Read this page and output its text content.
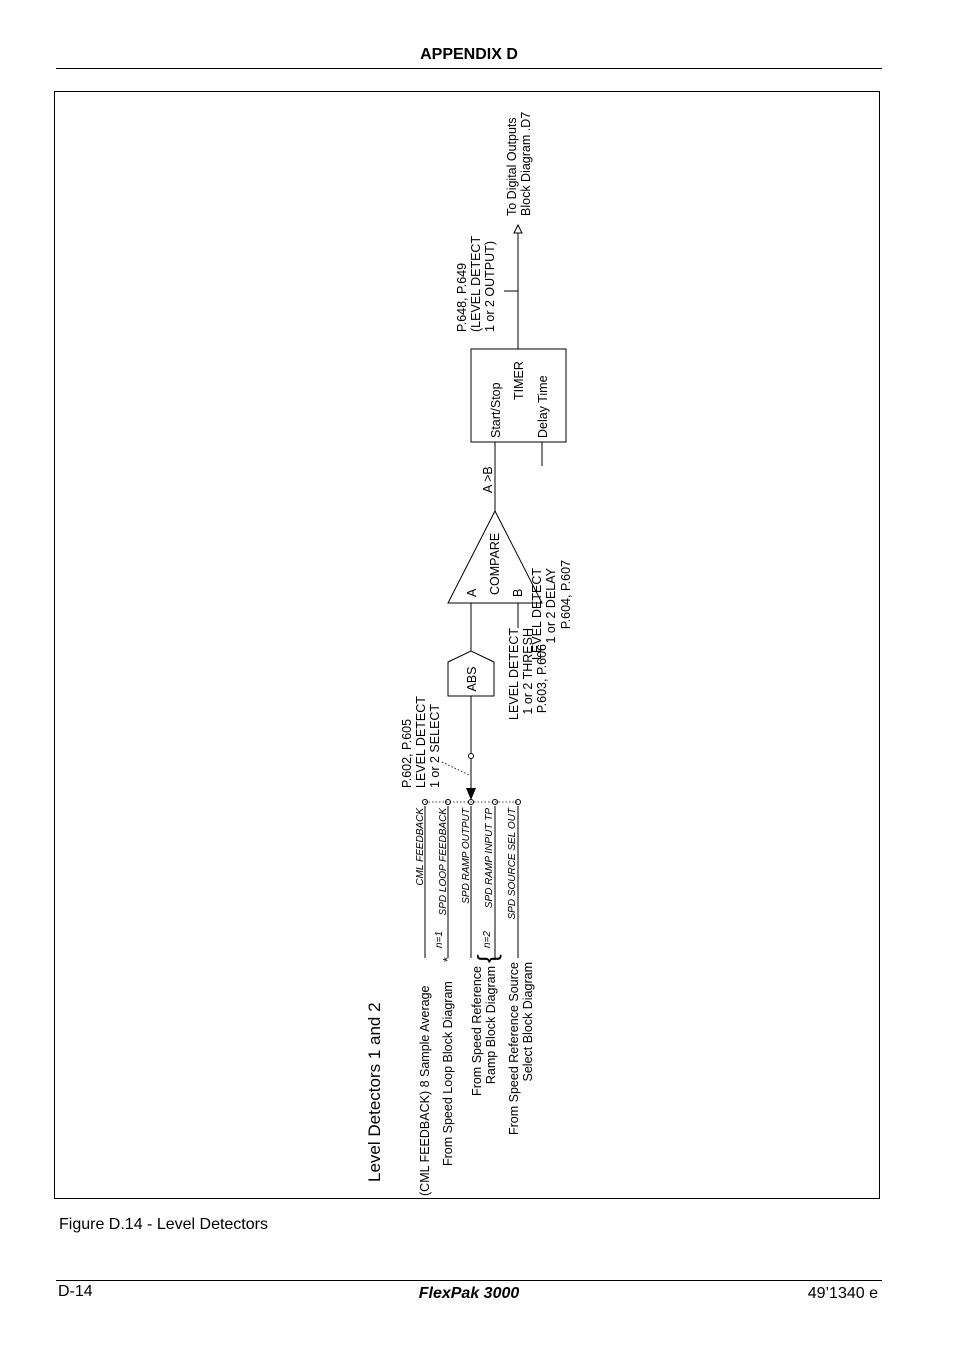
APPENDIX D
Level Detectors 1 and 2	(CML FEEDBACK) 8 Sample Average From Speed Loop Block Diagram
*
From Speed Reference Ramp Block Diagram
{
From Speed Reference Source Select Block Diagram
CML FEEDBACK
n=1
SPD LOOP FEEDBACK SPD RAMP OUTPUT
n=2
SPD RAMP INPUT TP SPD SOURCE SEL OUT
P.602, P.605 LEVEL DETECT 1 or 2 SELECT
ABS
A COMPARE B
LEVEL DETECT 1 or 2 THRESH P.603, P.606
A >B
LEVEL DETECT 1 or 2 DELAY P.604, P.607
Start/Stop
TIMER Delay Time
P.648, P.649 (LEVEL DETECT 1 or 2 OUTPUT)
To Digital Outputs Block Diagram .D7
Figure D.14 - Level Detectors
D-14	FlexPak 3000	49’1340 e
